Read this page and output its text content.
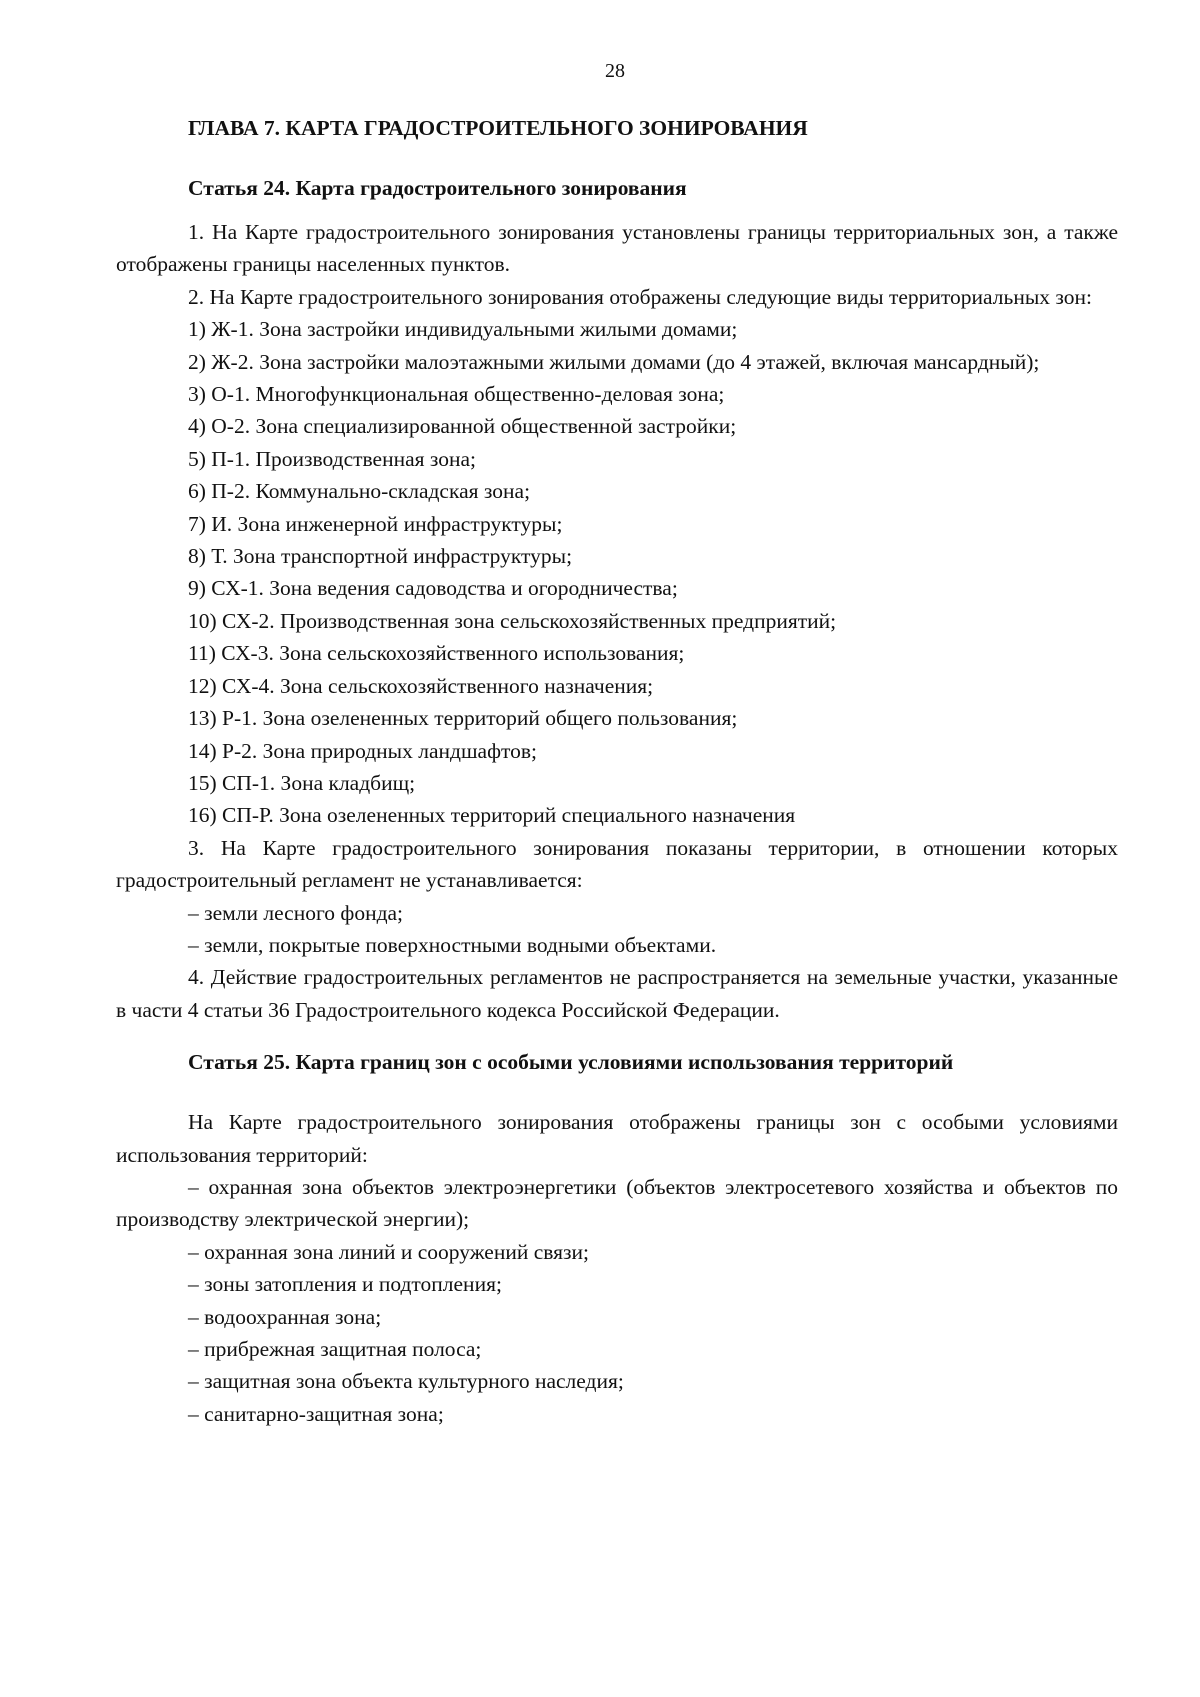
28
ГЛАВА 7. КАРТА ГРАДОСТРОИТЕЛЬНОГО ЗОНИРОВАНИЯ
Статья 24. Карта градостроительного зонирования

1. На Карте градостроительного зонирования установлены границы территориальных зон, а также отображены границы населенных пунктов.

2. На Карте градостроительного зонирования отображены следующие виды территориальных зон:

1) Ж-1. Зона застройки индивидуальными жилыми домами;

2) Ж-2. Зона застройки малоэтажными жилыми домами (до 4 этажей, включая мансардный);

3) О-1. Многофункциональная общественно-деловая зона;

4) О-2. Зона специализированной общественной застройки;

5) П-1. Производственная зона;

6) П-2. Коммунально-складская зона;

7) И. Зона инженерной инфраструктуры;

8) Т. Зона транспортной инфраструктуры;

9) СХ-1. Зона ведения садоводства и огородничества;

10) СХ-2. Производственная зона сельскохозяйственных предприятий;

11) СХ-3. Зона сельскохозяйственного использования;

12) СХ-4. Зона сельскохозяйственного назначения;

13) Р-1. Зона озелененных территорий общего пользования;

14) Р-2. Зона природных ландшафтов;

15) СП-1. Зона кладбищ;

16) СП-Р. Зона озелененных территорий специального назначения

3. На Карте градостроительного зонирования показаны территории, в отношении которых градостроительный регламент не устанавливается:

– земли лесного фонда;

– земли, покрытые поверхностными водными объектами.

4. Действие градостроительных регламентов не распространяется на земельные участки, указанные в части 4 статьи 36 Градостроительного кодекса Российской Федерации.

Статья 25. Карта границ зон с особыми условиями использования территорий

На Карте градостроительного зонирования отображены границы зон с особыми условиями использования территорий:

– охранная зона объектов электроэнергетики (объектов электросетевого хозяйства и объектов по производству электрической энергии);

– охранная зона линий и сооружений связи;

– зоны затопления и подтопления;

– водоохранная зона;

– прибрежная защитная полоса;

– защитная зона объекта культурного наследия;

– санитарно-защитная зона;
